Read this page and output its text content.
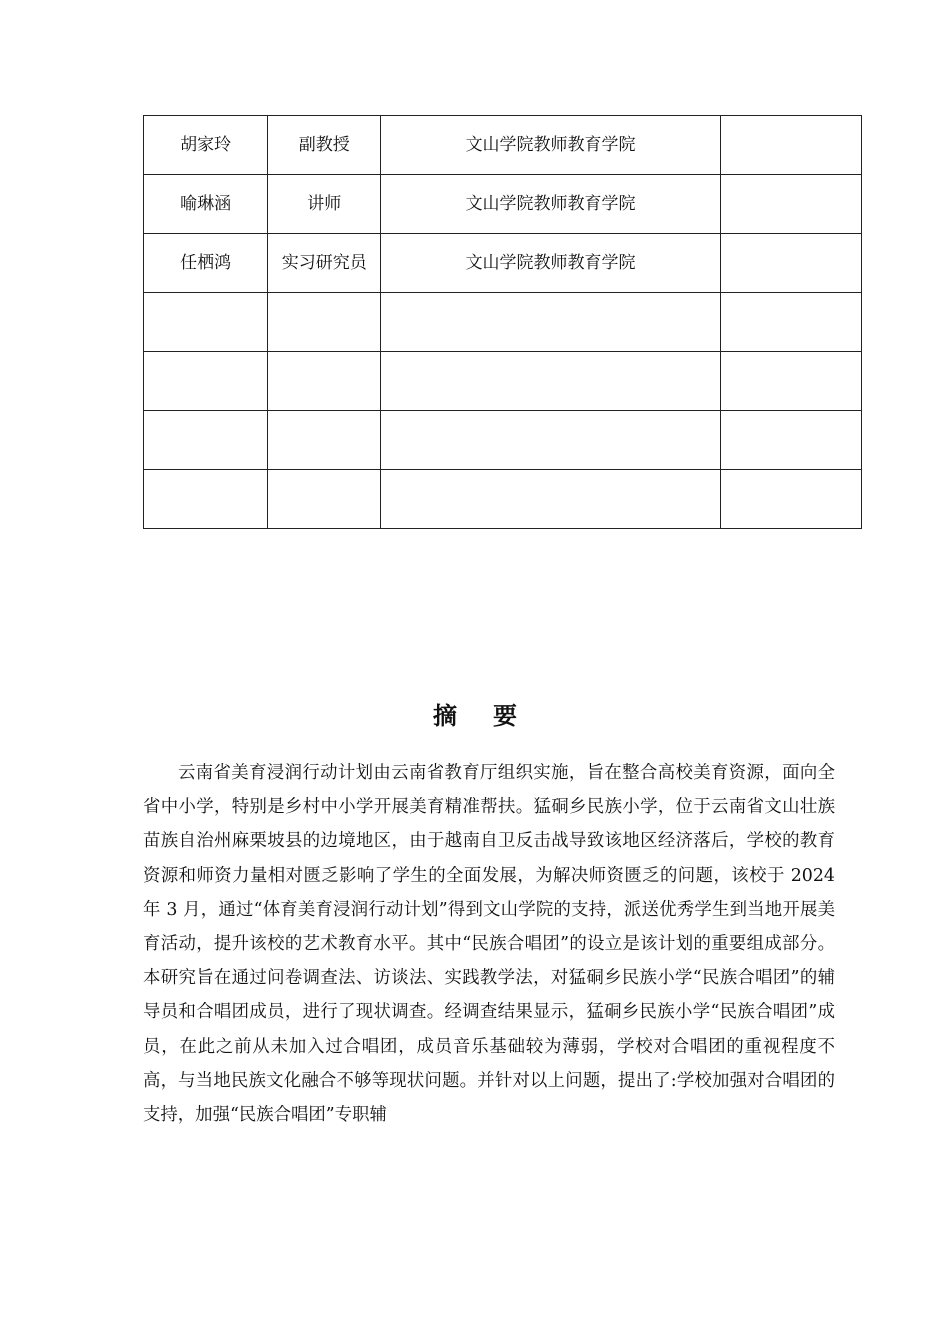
胡家玲	副教授	文山学院教师教育学院	
喻琳涵	讲师	文山学院教师教育学院	
任栖鸿	实习研究员	文山学院教师教育学院	

摘要

云南省美育浸润行动计划由云南省教育厅组织实施，旨在整合高校美育资源，面向全省中小学，特别是乡村中小学开展美育精准帮扶。猛硐乡民族小学，位于云南省文山壮族苗族自治州麻栗坡县的边境地区，由于越南自卫反击战导致该地区经济落后，学校的教育资源和师资力量相对匮乏影响了学生的全面发展，为解决师资匮乏的问题，该校于 2024 年 3 月，通过“体育美育浸润行动计划”得到文山学院的支持，派送优秀学生到当地开展美育活动，提升该校的艺术教育水平。其中“民族合唱团”的设立是该计划的重要组成部分。本研究旨在通过问卷调查法、访谈法、实践教学法，对猛硐乡民族小学“民族合唱团”的辅导员和合唱团成员，进行了现状调查。经调查结果显示，猛硐乡民族小学“民族合唱团”成员，在此之前从未加入过合唱团，成员音乐基础较为薄弱，学校对合唱团的重视程度不高，与当地民族文化融合不够等现状问题。并针对以上问题，提出了:学校加强对合唱团的支持，加强“民族合唱团”专职辅
